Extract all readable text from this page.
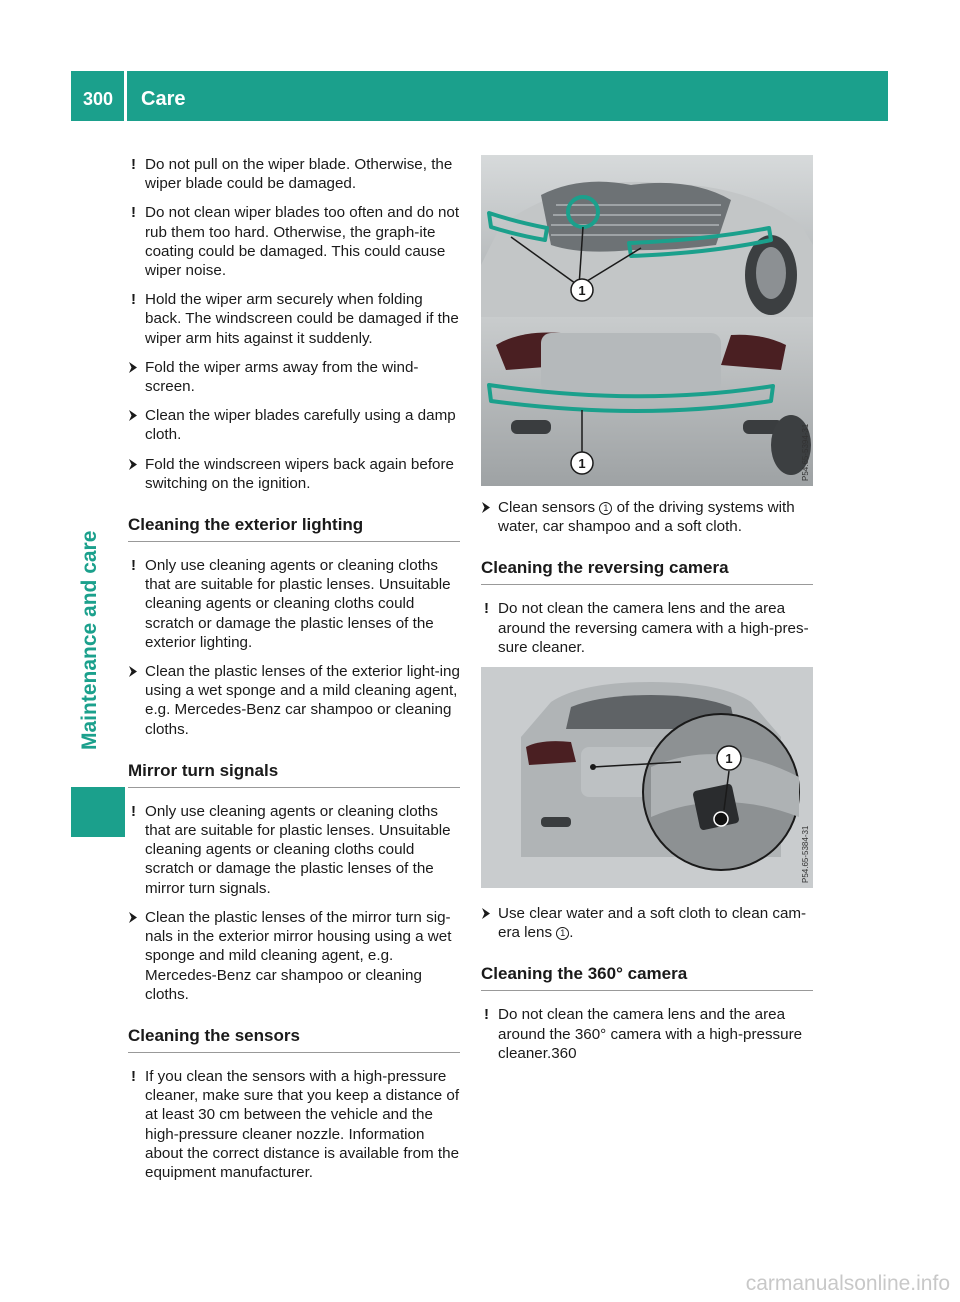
300 Care
Maintenance and care
! Do not pull on the wiper blade. Otherwise, the wiper blade could be damaged.
! Do not clean wiper blades too often and do not rub them too hard. Otherwise, the graph-ite coating could be damaged. This could cause wiper noise.
! Hold the wiper arm securely when folding back. The windscreen could be damaged if the wiper arm hits against it suddenly.
Fold the wiper arms away from the wind-screen.
Clean the wiper blades carefully using a damp cloth.
Fold the windscreen wipers back again before switching on the ignition.
Cleaning the exterior lighting
! Only use cleaning agents or cleaning cloths that are suitable for plastic lenses. Unsuitable cleaning agents or cleaning cloths could scratch or damage the plastic lenses of the exterior lighting.
Clean the plastic lenses of the exterior light-ing using a wet sponge and a mild cleaning agent, e.g. Mercedes-Benz car shampoo or cleaning cloths.
Mirror turn signals
! Only use cleaning agents or cleaning cloths that are suitable for plastic lenses. Unsuitable cleaning agents or cleaning cloths could scratch or damage the plastic lenses of the mirror turn signals.
Clean the plastic lenses of the mirror turn sig-nals in the exterior mirror housing using a wet sponge and mild cleaning agent, e.g. Mercedes-Benz car shampoo or cleaning cloths.
Cleaning the sensors
! If you clean the sensors with a high-pressure cleaner, make sure that you keep a distance of at least 30 cm between the vehicle and the high-pressure cleaner nozzle. Information about the correct distance is available from the equipment manufacturer.
1
1	P54.65-5394-31
Clean sensors 1 of the driving systems with water, car shampoo and a soft cloth.
Cleaning the reversing camera
! Do not clean the camera lens and the area around the reversing camera with a high-pres-sure cleaner.
1
P54.65-5384-31
Use clear water and a soft cloth to clean cam-era lens 1 .
Cleaning the 360° camera
! Do not clean the camera lens and the area around the 360° camera with a high-pressure cleaner.360
carmanualsonline.info
